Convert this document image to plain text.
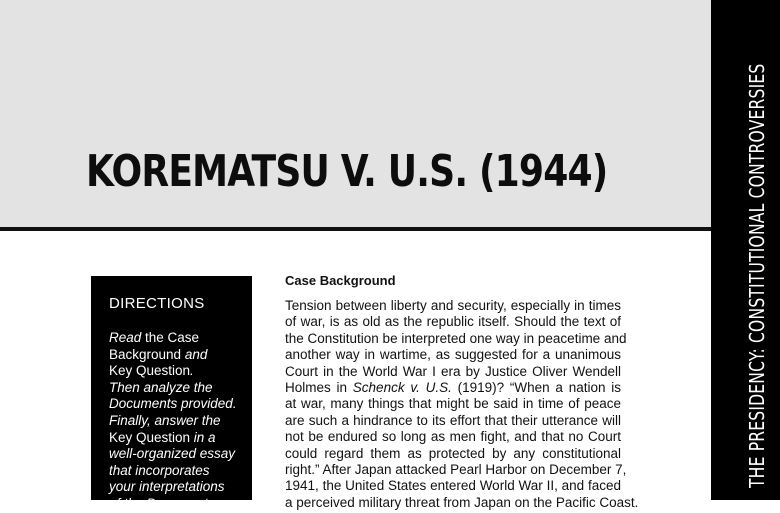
KOREMATSU V. U.S. (1944)	THE PRESIDENCY: CONSTITUTIONAL CONTROVERSIES
DIRECTIONS
Read the Case
Background and
Key Question.
Then analyze the
Documents provided.
Finally, answer the
Key Question in a
well-organized essay
that incorporates
your interpretations
of the Documents
Case Background

Tension between liberty and security, especially in times
of war, is as old as the republic itself. Should the text of
the Constitution be interpreted one way in peacetime and
another way in wartime, as suggested for a unanimous
Court in the World War I era by Justice Oliver Wendell
Holmes in Schenck v. U.S. (1919)? “When a nation is
at war, many things that might be said in time of peace
are such a hindrance to its effort that their utterance will
not be endured so long as men fight, and that no Court
could regard them as protected by any constitutional
right.” After Japan attacked Pearl Harbor on December 7,
1941, the United States entered World War II, and faced
a perceived military threat from Japan on the Pacific Coast.
